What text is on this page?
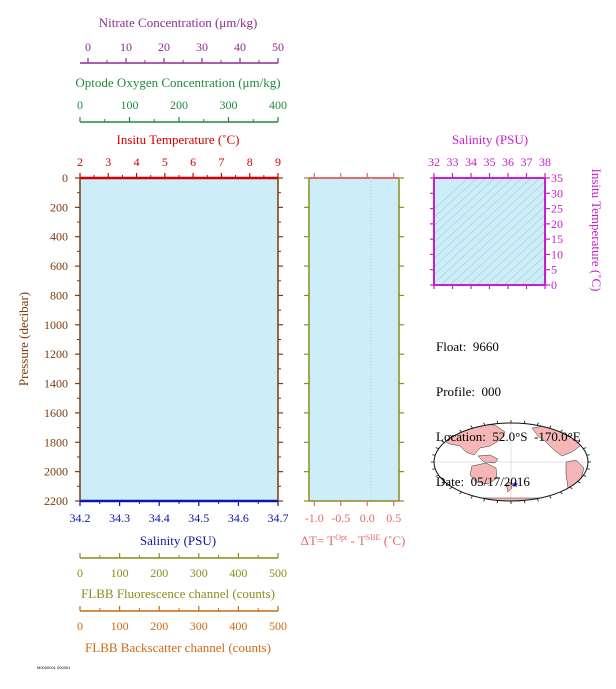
Nitrate Concentration (μm/kg)
0 10 20 30 40 50
Optode Oxygen Concentration (μm/kg)
0	100	200	300	400
Insitu Temperature (˚C)
2 3 4 5 6 7 8 9
0
200
400
600
800
1000
1200
1400
1600
1800
2000
2200
Pressure (decibar)
34.2 34.3 34.4 34.5 34.6 34.7
Salinity (PSU)
0 100 200 300 400 500
FLBB Fluorescence channel (counts)
0 100 200 300 400 500
FLBB Backscatter channel (counts)
-1.0 -0.5 0.0 0.5
$\Delta T= T^{Opt} - T^{SBE}$ (˚C)
Salinity (PSU)
32 33 34 35 36 37 38
0
5
10
15
20
25
30
35 Insitu Temperature (˚C)

Float:  9660

Profile:  000

Location:  52.0°S  -170.0°E

Date:  05/17/2016

M0000001 000001
